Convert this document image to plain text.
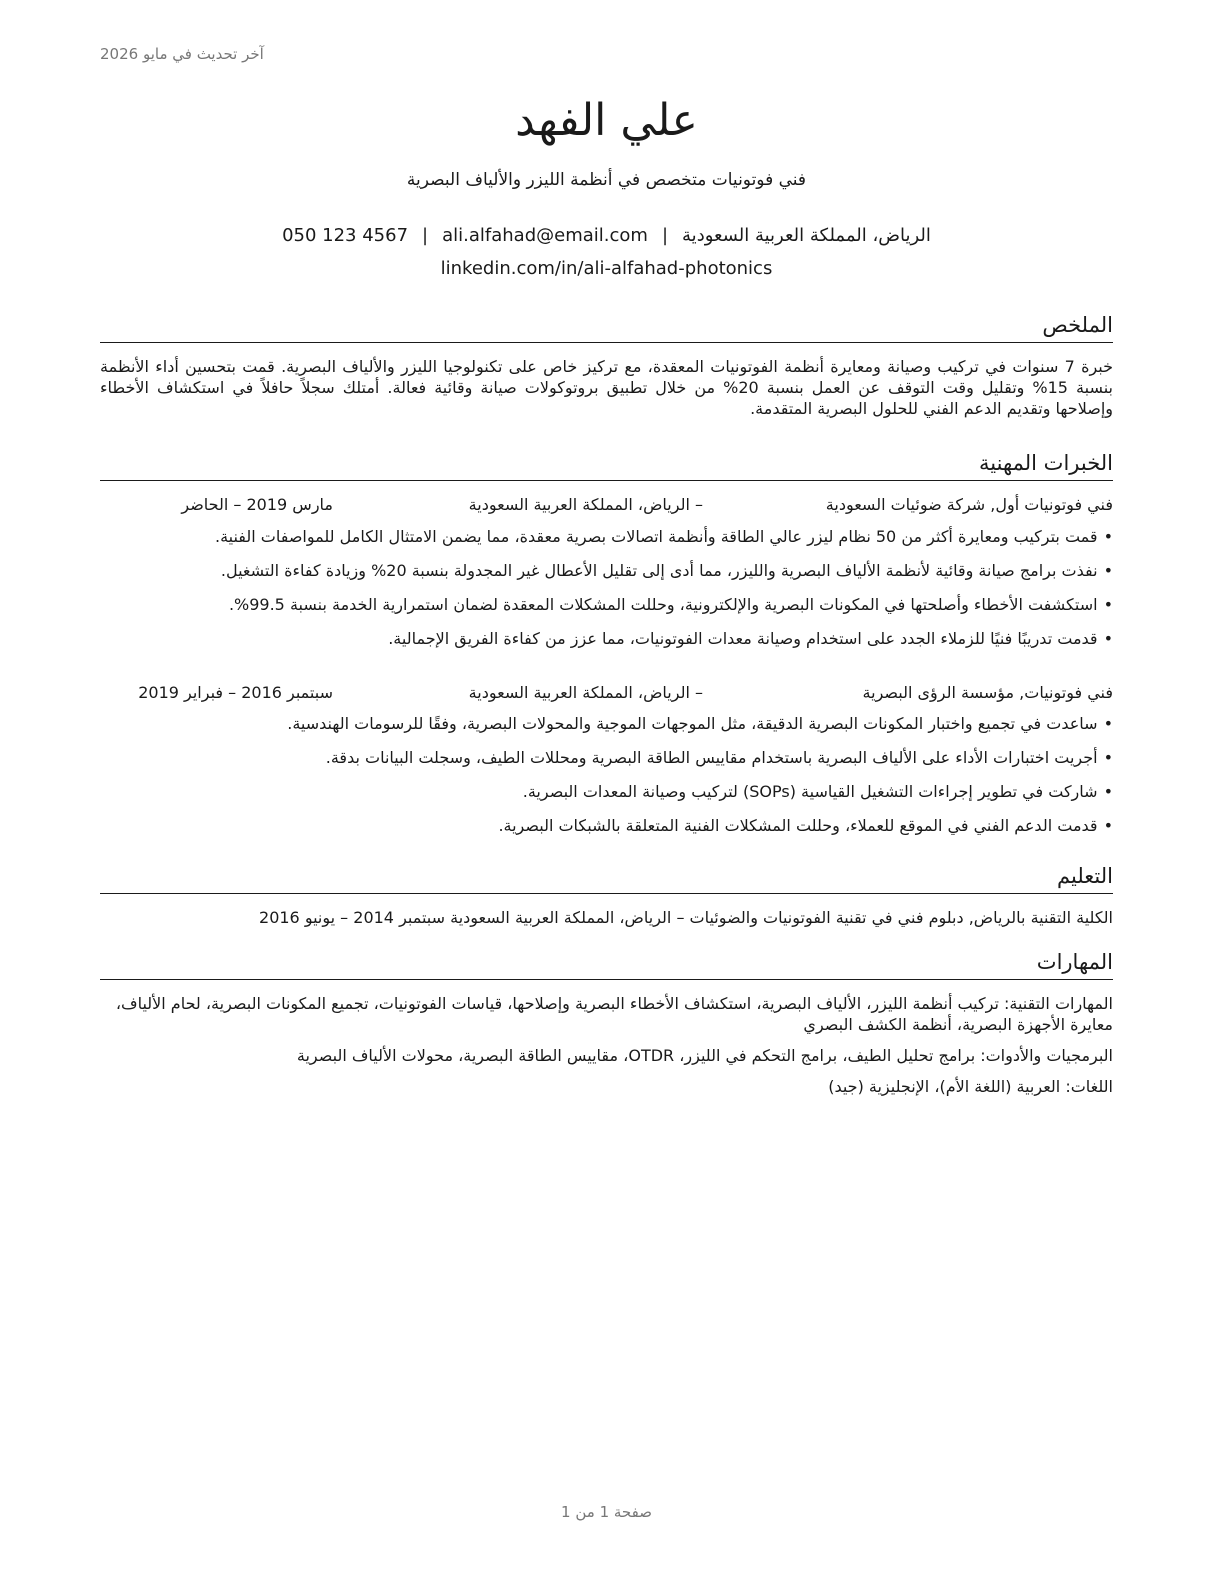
آخر تحديث في مايو 2026
علي الفهد
فني فوتونيات متخصص في أنظمة الليزر والألياف البصرية
الرياض، المملكة العربية السعودية|ali.alfahad@email.com|050 123 4567
linkedin.com/in/ali-alfahad-photonics
الملخص
خبرة 7 سنوات في تركيب وصيانة ومعايرة أنظمة الفوتونيات المعقدة، مع تركيز خاص على تكنولوجيا الليزر والألياف البصرية. قمت بتحسين أداء الأنظمة بنسبة 15% وتقليل وقت التوقف عن العمل بنسبة 20% من خلال تطبيق بروتوكولات صيانة وقائية فعالة. أمتلك سجلاً حافلاً في استكشاف الأخطاء وإصلاحها وتقديم الدعم الفني للحلول البصرية المتقدمة.
الخبرات المهنية
فني فوتونيات أول, شركة ضوئيات السعودية
– الرياض، المملكة العربية السعودية
مارس 2019 – الحاضر
• قمت بتركيب ومعايرة أكثر من 50 نظام ليزر عالي الطاقة وأنظمة اتصالات بصرية معقدة، مما يضمن الامتثال الكامل للمواصفات الفنية.
• نفذت برامج صيانة وقائية لأنظمة الألياف البصرية والليزر، مما أدى إلى تقليل الأعطال غير المجدولة بنسبة 20% وزيادة كفاءة التشغيل.
• استكشفت الأخطاء وأصلحتها في المكونات البصرية والإلكترونية، وحللت المشكلات المعقدة لضمان استمرارية الخدمة بنسبة 99.5%.
• قدمت تدريبًا فنيًا للزملاء الجدد على استخدام وصيانة معدات الفوتونيات، مما عزز من كفاءة الفريق الإجمالية.
فني فوتونيات, مؤسسة الرؤى البصرية
– الرياض، المملكة العربية السعودية
سبتمبر 2016 – فبراير 2019
• ساعدت في تجميع واختبار المكونات البصرية الدقيقة، مثل الموجهات الموجية والمحولات البصرية، وفقًا للرسومات الهندسية.
• أجريت اختبارات الأداء على الألياف البصرية باستخدام مقاييس الطاقة البصرية ومحللات الطيف، وسجلت البيانات بدقة.
• شاركت في تطوير إجراءات التشغيل القياسية (SOPs) لتركيب وصيانة المعدات البصرية.
• قدمت الدعم الفني في الموقع للعملاء، وحللت المشكلات الفنية المتعلقة بالشبكات البصرية.
التعليم
الكلية التقنية بالرياض, دبلوم فني في تقنية الفوتونيات والضوئيات – الرياض، المملكة العربية السعودية سبتمبر 2014 – يونيو 2016
المهارات

المهارات التقنية: تركيب أنظمة الليزر، الألياف البصرية، استكشاف الأخطاء البصرية وإصلاحها، قياسات الفوتونيات، تجميع المكونات البصرية، لحام الألياف، معايرة الأجهزة البصرية، أنظمة الكشف البصري

البرمجيات والأدوات: برامج تحليل الطيف، برامج التحكم في الليزر، OTDR، مقاييس الطاقة البصرية، محولات الألياف البصرية

اللغات: العربية (اللغة الأم)، الإنجليزية (جيد)

صفحة 1 من 1
